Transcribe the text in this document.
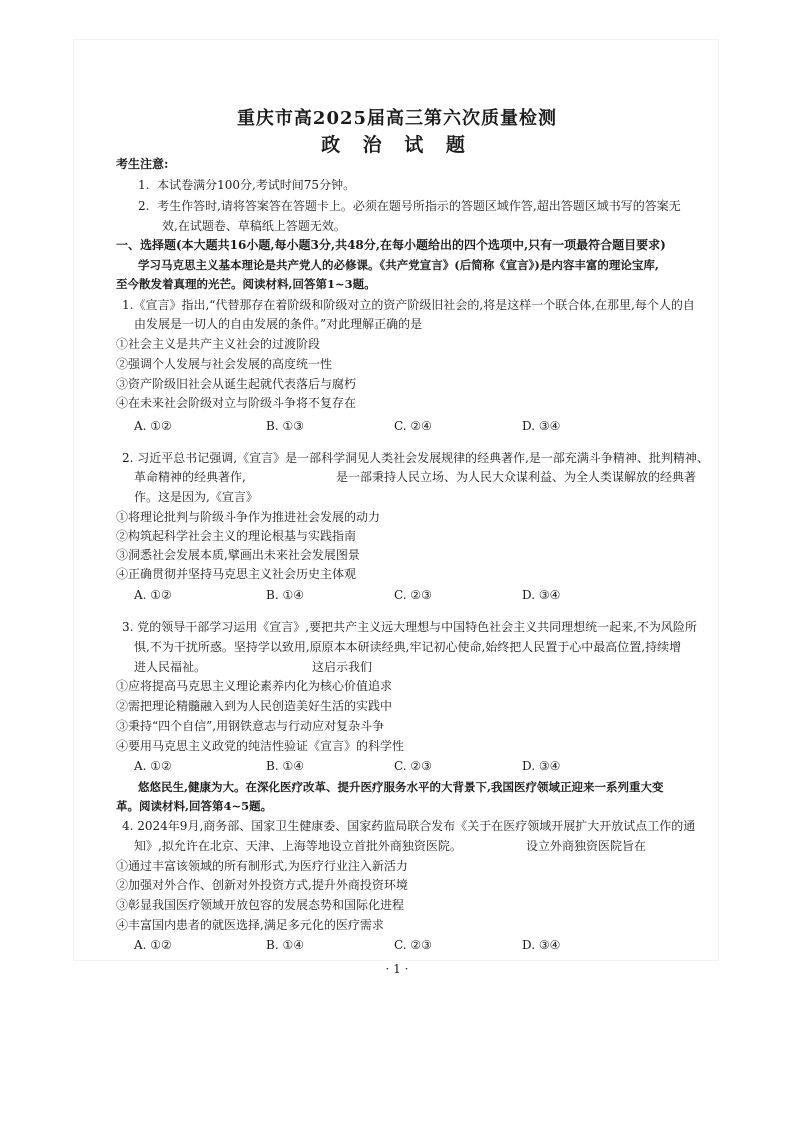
重庆市高2025届高三第六次质量检测
政 治 试 题
考生注意:
1.  本试卷满分100分,考试时间75分钟。
2.  考生作答时,请将答案答在答题卡上。必须在题号所指示的答题区域作答,超出答题区域书写的答案无
效,在试题卷、草稿纸上答题无效。
一、选择题(本大题共16小题,每小题3分,共48分,在每小题给出的四个选项中,只有一项最符合题目要求)
学习马克思主义基本理论是共产党人的必修课。《共产党宣言》(后简称《宣言》)是内容丰富的理论宝库,
至今散发着真理的光芒。阅读材料,回答第1~3题。
1.《宣言》指出,“代替那存在着阶级和阶级对立的资产阶级旧社会的,将是这样一个联合体,在那里,每个人的自
由发展是一切人的自由发展的条件。”对此理解正确的是
①社会主义是共产主义社会的过渡阶段
②强调个人发展与社会发展的高度统一性
③资产阶级旧社会从诞生起就代表落后与腐朽
④在未来社会阶级对立与阶级斗争将不复存在
A. ①②	B. ①③	C. ②④	D. ③④
2. 习近平总书记强调,《宣言》是一部科学洞见人类社会发展规律的经典著作,是一部充满斗争精神、批判精神、
革命精神的经典著作,	是一部秉持人民立场、为人民大众谋利益、为全人类谋解放的经典著
作。这是因为,《宣言》
①将理论批判与阶级斗争作为推进社会发展的动力
②构筑起科学社会主义的理论根基与实践指南
③洞悉社会发展本质,擘画出未来社会发展图景
④正确贯彻并坚持马克思主义社会历史主体观
A. ①②	B. ①④	C. ②③	D. ③④
3. 党的领导干部学习运用《宣言》,要把共产主义远大理想与中国特色社会主义共同理想统一起来,不为风险所
惧,不为干扰所惑。坚持学以致用,原原本本研读经典,牢记初心使命,始终把人民置于心中最高位置,持续增
进人民福祉。	这启示我们
①应将提高马克思主义理论素养内化为核心价值追求
②需把理论精髓融入到为人民创造美好生活的实践中
③秉持“四个自信”,用钢铁意志与行动应对复杂斗争
④要用马克思主义政党的纯洁性验证《宣言》的科学性
A. ①②	B. ①④	C. ②③	D. ③④
悠悠民生,健康为大。在深化医疗改革、提升医疗服务水平的大背景下,我国医疗领域正迎来一系列重大变
革。阅读材料,回答第4~5题。
4. 2024年9月,商务部、国家卫生健康委、国家药监局联合发布《关于在医疗领域开展扩大开放试点工作的通
知》,拟允许在北京、天津、上海等地设立首批外商独资医院。	设立外商独资医院旨在
①通过丰富该领域的所有制形式,为医疗行业注入新活力
②加强对外合作、创新对外投资方式,提升外商投资环境
③彰显我国医疗领域开放包容的发展态势和国际化进程
④丰富国内患者的就医选择,满足多元化的医疗需求
A. ①②	B. ①④	C. ②③	D. ③④
· 1 ·
